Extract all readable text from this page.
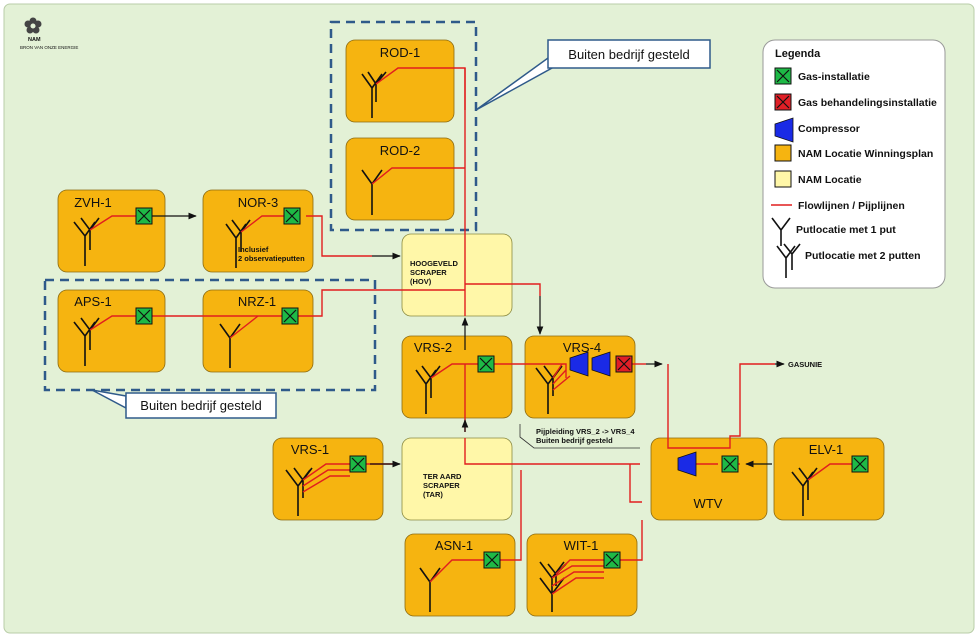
NAM
BRON VAN ONZE ENERGIE	Buiten bedrijf gesteld
Buiten bedrijf gesteld
ROD-1
ROD-2
ZVH-1	NOR-3
APS-1	NRZ-1
VRS-2	VRS-4
VRS-1
WTV
ELV-1
ASN-1	WIT-1
HOOGEVELD
SCRAPER
(HOV)
TER AARD
SCRAPER
(TAR)
Inclusief
2 observatieputten
Pijpleiding VRS_2 -> VRS_4
Buiten bedrijf gesteld
GASUNIE
Legenda
Gas-installatie
Gas behandelingsinstallatie
Compressor
NAM Locatie Winningsplan
NAM Locatie
Flowlijnen / Pijplijnen
Putlocatie met 1 put
Putlocatie met 2 putten
